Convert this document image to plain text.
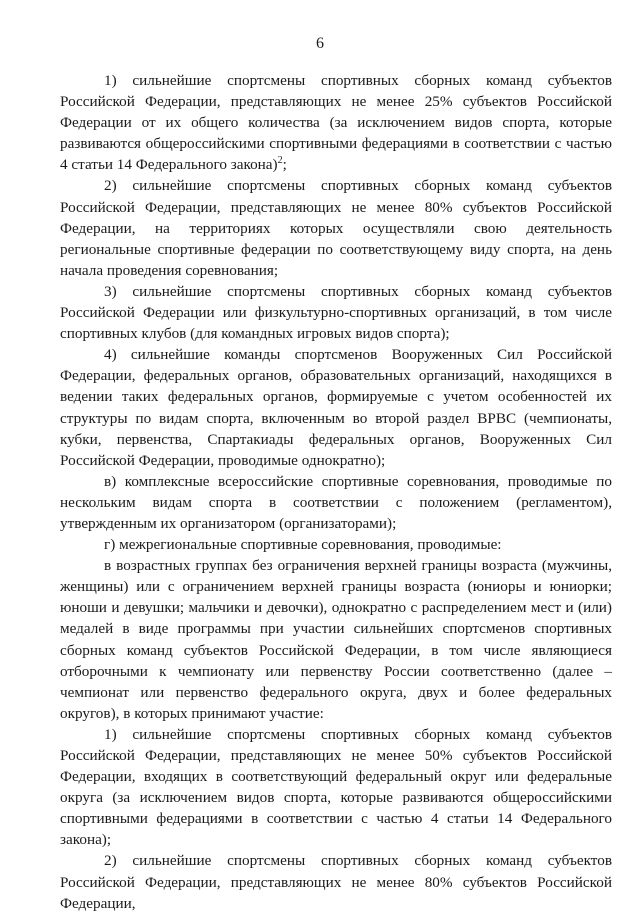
6

1) сильнейшие спортсмены спортивных сборных команд субъектов Российской Федерации, представляющих не менее 25% субъектов Российской Федерации от их общего количества (за исключением видов спорта, которые развиваются общероссийскими спортивными федерациями в соответствии с частью 4 статьи 14 Федерального закона)$^2$;

2) сильнейшие спортсмены спортивных сборных команд субъектов Российской Федерации, представляющих не менее 80% субъектов Российской Федерации, на территориях которых осуществляли свою деятельность региональные спортивные федерации по соответствующему виду спорта, на день начала проведения соревнования;

3) сильнейшие спортсмены спортивных сборных команд субъектов Российской Федерации или физкультурно-спортивных организаций, в том числе спортивных клубов (для командных игровых видов спорта);

4) сильнейшие команды спортсменов Вооруженных Сил Российской Федерации, федеральных органов, образовательных организаций, находящихся в ведении таких федеральных органов, формируемые с учетом особенностей их структуры по видам спорта, включенным во второй раздел ВРВС (чемпионаты, кубки, первенства, Спартакиады федеральных органов, Вооруженных Сил Российской Федерации, проводимые однократно);

в) комплексные всероссийские спортивные соревнования, проводимые по нескольким видам спорта в соответствии с положением (регламентом), утвержденным их организатором (организаторами);

г) межрегиональные спортивные соревнования, проводимые:

в возрастных группах без ограничения верхней границы возраста (мужчины, женщины) или с ограничением верхней границы возраста (юниоры и юниорки; юноши и девушки; мальчики и девочки), однократно с распределением мест и (или) медалей в виде программы при участии сильнейших спортсменов спортивных сборных команд субъектов Российской Федерации, в том числе являющиеся отборочными к чемпионату или первенству России соответственно (далее – чемпионат или первенство федерального округа, двух и более федеральных округов), в которых принимают участие:

1) сильнейшие спортсмены спортивных сборных команд субъектов Российской Федерации, представляющих не менее 50% субъектов Российской Федерации, входящих в соответствующий федеральный округ или федеральные округа (за исключением видов спорта, которые развиваются общероссийскими спортивными федерациями в соответствии с частью 4 статьи 14 Федерального закона);

2) сильнейшие спортсмены спортивных сборных команд субъектов Российской Федерации, представляющих не менее 80% субъектов Российской Федерации,
